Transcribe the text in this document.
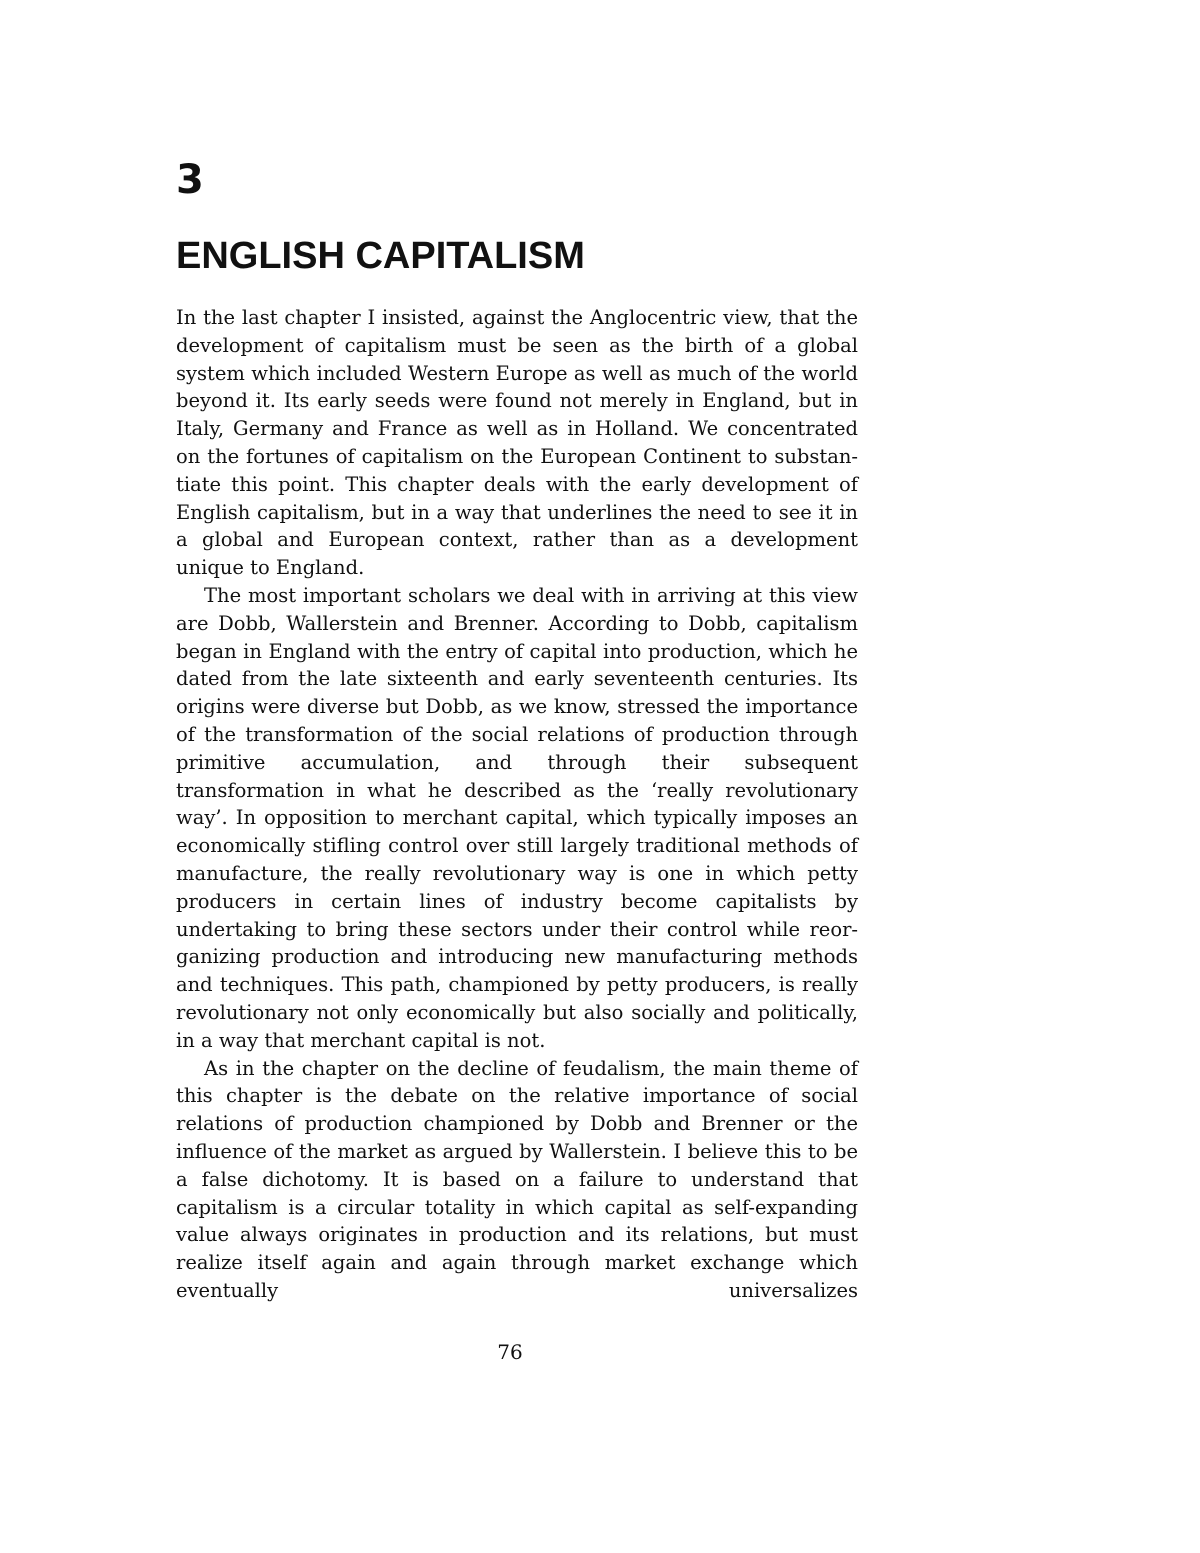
3
ENGLISH CAPITALISM

In the last chapter I insisted, against the Anglocentric view, that the development of capitalism must be seen as the birth of a global system which included Western Europe as well as much of the world beyond it. Its early seeds were found not merely in England, but in Italy, Germany and France as well as in Holland. We concentrated on the fortunes of capitalism on the European Continent to substantiate this point. This chapter deals with the early development of English capitalism, but in a way that underlines the need to see it in a global and European context, rather than as a development unique to England.

The most important scholars we deal with in arriving at this view are Dobb, Wallerstein and Brenner. According to Dobb, capitalism began in England with the entry of capital into production, which he dated from the late sixteenth and early seventeenth centuries. Its origins were diverse but Dobb, as we know, stressed the importance of the transformation of the social relations of production through primitive accumulation, and through their subsequent transformation in what he described as the ‘really revolutionary way’. In opposition to merchant capital, which typically imposes an economically stifling control over still largely traditional methods of manufacture, the really revolutionary way is one in which petty producers in certain lines of industry become capitalists by undertaking to bring these sectors under their control while reorganizing production and introducing new manufacturing methods and techniques. This path, championed by petty producers, is really revolutionary not only economically but also socially and politically, in a way that merchant capital is not.

As in the chapter on the decline of feudalism, the main theme of this chapter is the debate on the relative importance of social relations of production championed by Dobb and Brenner or the influence of the market as argued by Wallerstein. I believe this to be a false dichotomy. It is based on a failure to understand that capitalism is a circular totality in which capital as self-expanding value always originates in production and its relations, but must realize itself again and again through market exchange which eventually universalizes

76
